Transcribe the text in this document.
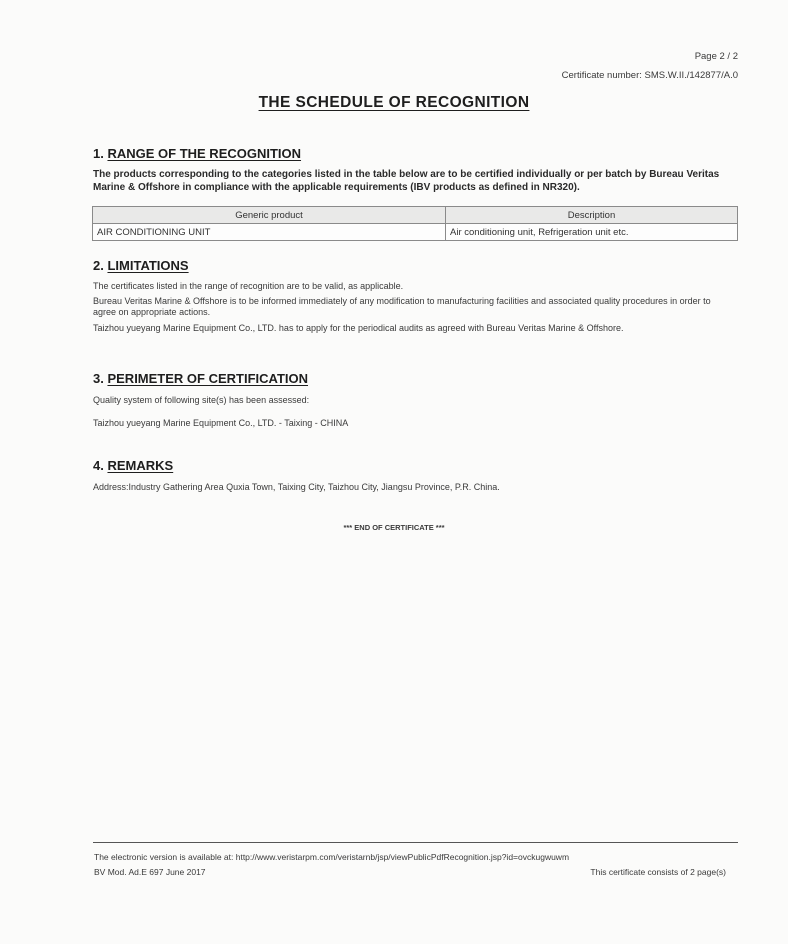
Page 2 / 2
Certificate number: SMS.W.II./142877/A.0
THE SCHEDULE OF RECOGNITION
1. RANGE OF THE RECOGNITION
The products corresponding to the categories listed in the table below are to be certified individually or per batch by Bureau Veritas Marine & Offshore in compliance with the applicable requirements (IBV products as defined in NR320).
Generic product	Description
AIR CONDITIONING UNIT	Air conditioning unit, Refrigeration unit etc.
2. LIMITATIONS
The certificates listed in the range of recognition are to be valid, as applicable.
Bureau Veritas Marine & Offshore is to be informed immediately of any modification to manufacturing facilities and associated quality procedures in order to agree on appropriate actions.
Taizhou yueyang Marine Equipment Co., LTD. has to apply for the periodical audits as agreed with Bureau Veritas Marine & Offshore.
3. PERIMETER OF CERTIFICATION
Quality system of following site(s) has been assessed:
Taizhou yueyang Marine Equipment Co., LTD. - Taixing - CHINA
4. REMARKS
Address:Industry Gathering Area Quxia Town, Taixing City, Taizhou City, Jiangsu Province, P.R. China.
*** END OF CERTIFICATE ***
The electronic version is available at: http://www.veristarpm.com/veristarnb/jsp/viewPublicPdfRecognition.jsp?id=ovckugwuwm
BV Mod. Ad.E 697 June 2017	This certificate consists of 2 page(s)
